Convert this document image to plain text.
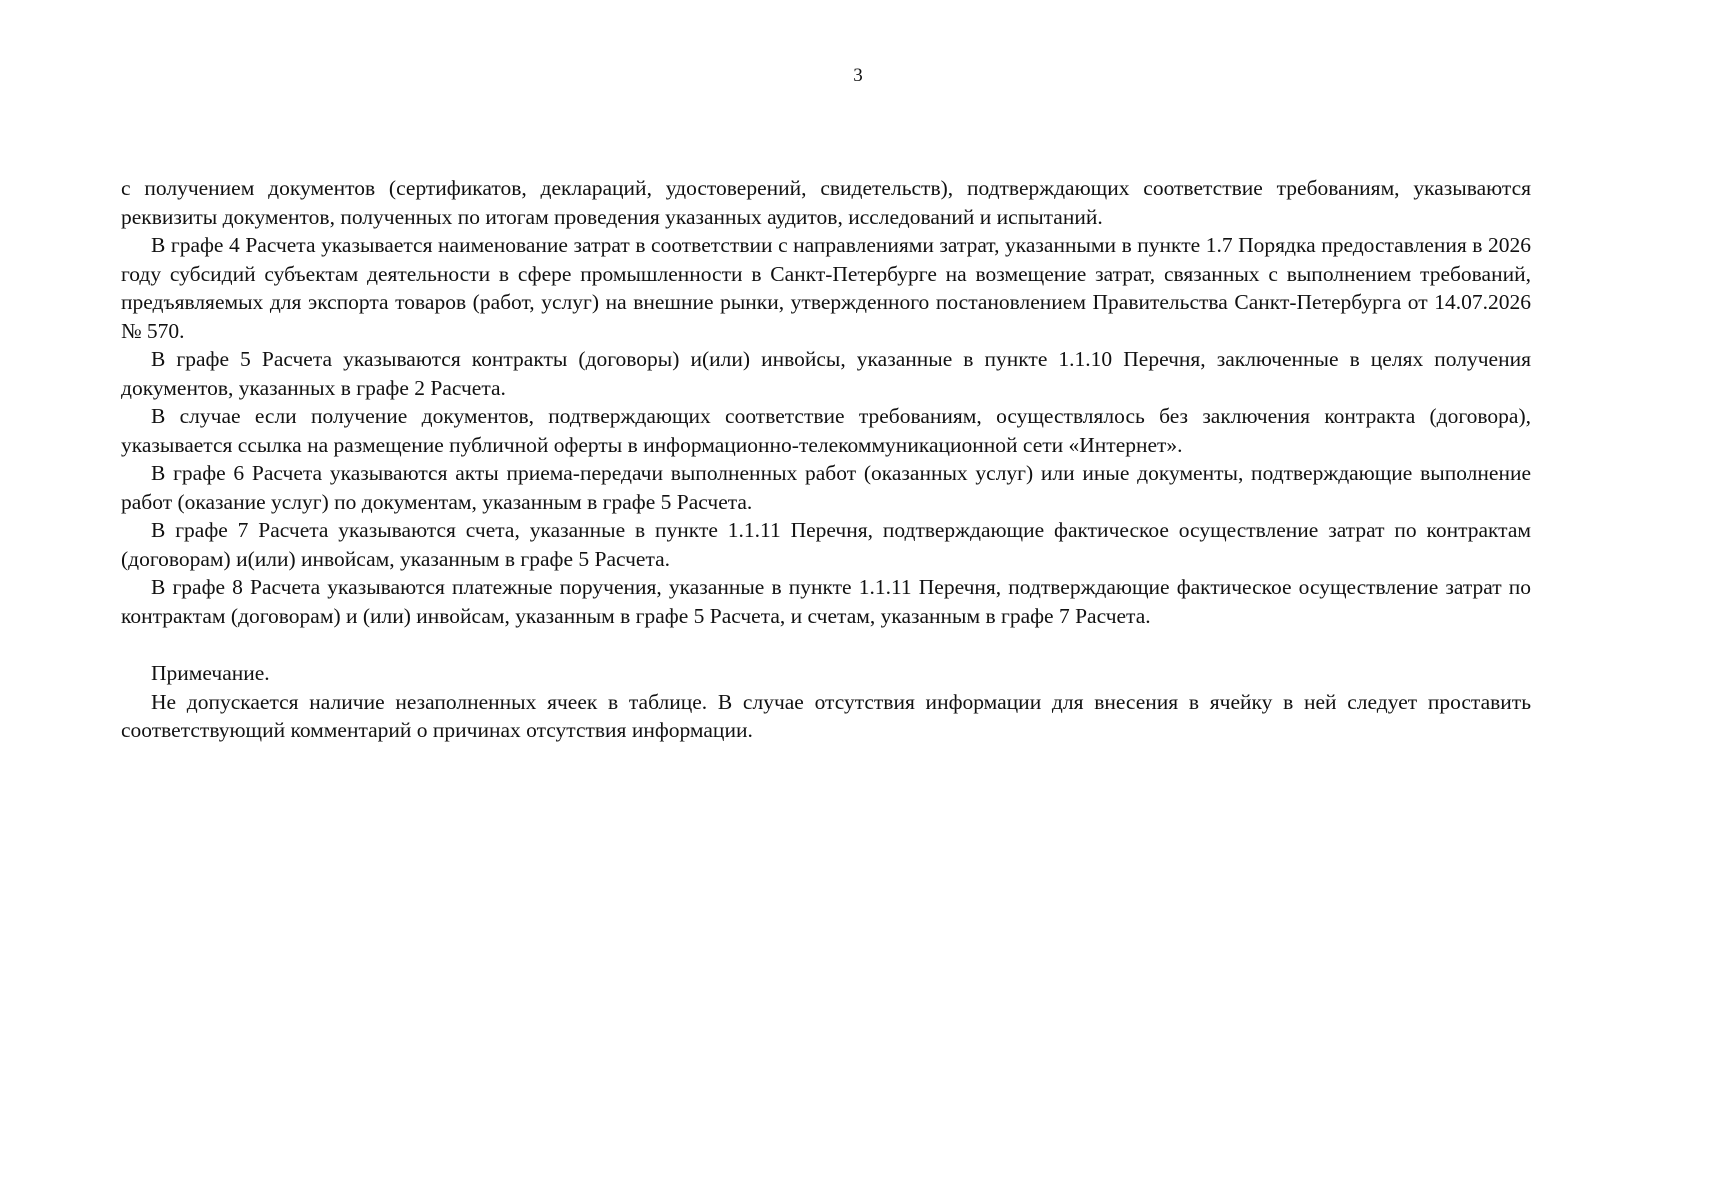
3

с получением документов (сертификатов, деклараций, удостоверений, свидетельств), подтверждающих соответствие требованиям, указываются реквизиты документов, полученных по итогам проведения указанных аудитов, исследований и испытаний.

В графе 4 Расчета указывается наименование затрат в соответствии с направлениями затрат, указанными в пункте 1.7 Порядка предоставления в 2026 году субсидий субъектам деятельности в сфере промышленности в Санкт-Петербурге на возмещение затрат, связанных с выполнением требований, предъявляемых для экспорта товаров (работ, услуг) на внешние рынки, утвержденного постановлением Правительства Санкт-Петербурга от 14.07.2026 № 570.

В графе 5 Расчета указываются контракты (договоры) и(или) инвойсы, указанные в пункте 1.1.10 Перечня, заключенные в целях получения документов, указанных в графе 2 Расчета.

В случае если получение документов, подтверждающих соответствие требованиям, осуществлялось без заключения контракта (договора), указывается ссылка на размещение публичной оферты в информационно-телекоммуникационной сети «Интернет».

В графе 6 Расчета указываются акты приема-передачи выполненных работ (оказанных услуг) или иные документы, подтверждающие выполнение работ (оказание услуг) по документам, указанным в графе 5 Расчета.

В графе 7 Расчета указываются счета, указанные в пункте 1.1.11 Перечня, подтверждающие фактическое осуществление затрат по контрактам (договорам) и(или) инвойсам, указанным в графе 5 Расчета.

В графе 8 Расчета указываются платежные поручения, указанные в пункте 1.1.11 Перечня, подтверждающие фактическое осуществление затрат по контрактам (договорам) и (или) инвойсам, указанным в графе 5 Расчета, и счетам, указанным в графе 7 Расчета.

Примечание.

Не допускается наличие незаполненных ячеек в таблице. В случае отсутствия информации для внесения в ячейку в ней следует проставить соответствующий комментарий о причинах отсутствия информации.
